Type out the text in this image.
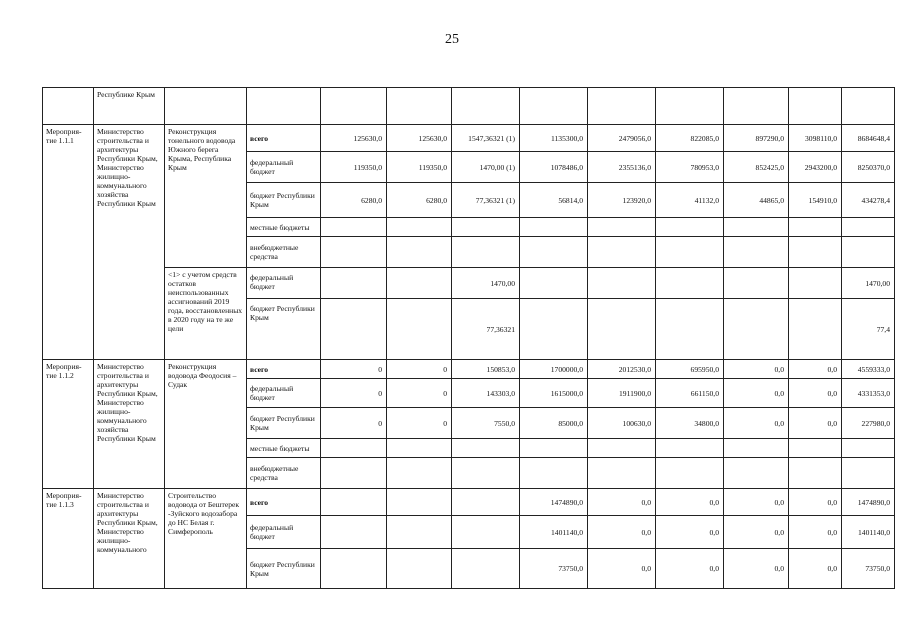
25
	Республике Крым											
Мероприя-тие 1.1.1	Министерство строительства и архитектуры Республики Крым, Министерство жилищно-коммунального хозяйства Республики Крым	Реконструкция тонельного водовода Южного берега Крыма, Республика Крым	всего	125630,0	125630,0	1547,36321 (1)	1135300,0	2479056,0	822085,0	897290,0	3098110,0	8684648,4
			федеральный бюджет	119350,0	119350,0	1470,00 (1)	1078486,0	2355136,0	780953,0	852425,0	2943200,0	8250370,0
			бюджет Республики Крым	6280,0	6280,0	77,36321 (1)	56814,0	123920,0	41132,0	44865,0	154910,0	434278,4
			местные бюджеты									
			внебюджетные средства									
		<1> с учетом средств остатков неиспользованных ассигнований 2019 года, восстановленных в 2020 году на те же цели	федеральный бюджет			1470,00						1470,00
			бюджет Республики Крым			77,36321						77,4
Мероприя-тие 1.1.2	Министерство строительства и архитектуры Республики Крым, Министерство жилищно-коммунального хозяйства Республики Крым	Реконструкция водовода Феодосия – Судак	всего	0	0	150853,0	1700000,0	2012530,0	695950,0	0,0	0,0	4559333,0
			федеральный бюджет	0	0	143303,0	1615000,0	1911900,0	661150,0	0,0	0,0	4331353,0
			бюджет Республики Крым	0	0	7550,0	85000,0	100630,0	34800,0	0,0	0,0	227980,0
			местные бюджеты									
			внебюджетные средства									
Мероприя-тие 1.1.3	Министерство строительства и архитектуры Республики Крым, Министерство жилищно-коммунального	Строительство водовода от Бештерек -Зуйского водозабора до НС Белая г. Симферополь	всего				1474890,0	0,0	0,0	0,0	0,0	1474890,0
			федеральный бюджет				1401140,0	0,0	0,0	0,0	0,0	1401140,0
			бюджет Республики Крым				73750,0	0,0	0,0	0,0	0,0	73750,0
